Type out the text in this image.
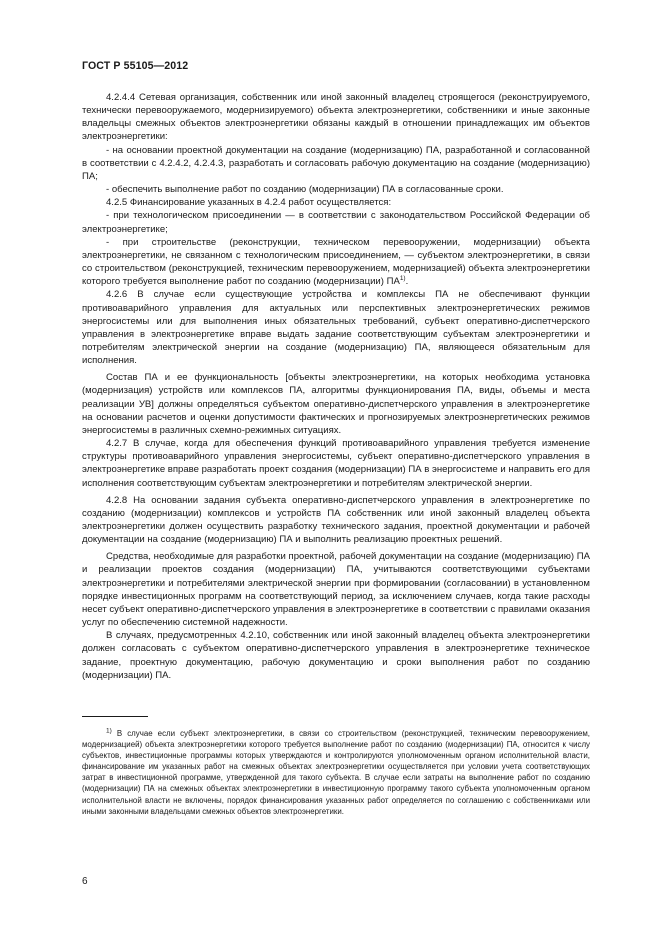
ГОСТ Р 55105—2012

4.2.4.4 Сетевая организация, собственник или иной законный владелец строящегося (реконструируемого, технически перевооружаемого, модернизируемого) объекта электроэнергетики, собственники и иные законные владельцы смежных объектов электроэнергетики обязаны каждый в отношении принадлежащих им объектов электроэнергетики:

- на основании проектной документации на создание (модернизацию) ПА, разработанной и согласованной в соответствии с 4.2.4.2, 4.2.4.3, разработать и согласовать рабочую документацию на создание (модернизацию) ПА;

- обеспечить выполнение работ по созданию (модернизации) ПА в согласованные сроки.

4.2.5 Финансирование указанных в 4.2.4 работ осуществляется:

- при технологическом присоединении — в соответствии с законодательством Российской Федерации об электроэнергетике;

- при строительстве (реконструкции, техническом перевооружении, модернизации) объекта электроэнергетики, не связанном с технологическим присоединением, — субъектом электроэнергетики, в связи со строительством (реконструкцией, техническим перевооружением, модернизацией) объекта электроэнергетики которого требуется выполнение работ по созданию (модернизации) ПА$^{1)}$.

4.2.6 В случае если существующие устройства и комплексы ПА не обеспечивают функции противоаварийного управления для актуальных или перспективных электроэнергетических режимов энергосистемы или для выполнения иных обязательных требований, субъект оперативно-диспетчерского управления в электроэнергетике вправе выдать задание соответствующим субъектам электроэнергетики и потребителям электрической энергии на создание (модернизацию) ПА, являющееся обязательным для исполнения.

Состав ПА и ее функциональность [объекты электроэнергетики, на которых необходима установка (модернизация) устройств или комплексов ПА, алгоритмы функционирования ПА, виды, объемы и места реализации УВ] должны определяться субъектом оперативно-диспетчерского управления в электроэнергетике на основании расчетов и оценки допустимости фактических и прогнозируемых электроэнергетических режимов энергосистемы в различных схемно-режимных ситуациях.

4.2.7 В случае, когда для обеспечения функций противоаварийного управления требуется изменение структуры противоаварийного управления энергосистемы, субъект оперативно-диспетчерского управления в электроэнергетике вправе разработать проект создания (модернизации) ПА в энергосистеме и направить его для исполнения соответствующим субъектам электроэнергетики и потребителям электрической энергии.

4.2.8 На основании задания субъекта оперативно-диспетчерского управления в электроэнергетике по созданию (модернизации) комплексов и устройств ПА собственник или иной законный владелец объекта электроэнергетики должен осуществить разработку технического задания, проектной документации и рабочей документации на создание (модернизацию) ПА и выполнить реализацию проектных решений.

Средства, необходимые для разработки проектной, рабочей документации на создание (модернизацию) ПА и реализации проектов создания (модернизации) ПА, учитываются соответствующими субъектами электроэнергетики и потребителями электрической энергии при формировании (согласовании) в установленном порядке инвестиционных программ на соответствующий период, за исключением случаев, когда такие расходы несет субъект оперативно-диспетчерского управления в электроэнергетике в соответствии с правилами оказания услуг по обеспечению системной надежности.

В случаях, предусмотренных 4.2.10, собственник или иной законный владелец объекта электроэнергетики должен согласовать с субъектом оперативно-диспетчерского управления в электроэнергетике техническое задание, проектную документацию, рабочую документацию и сроки выполнения работ по созданию (модернизации) ПА.

$^{1)}$ В случае если субъект электроэнергетики, в связи со строительством (реконструкцией, техническим перевооружением, модернизацией) объекта электроэнергетики которого требуется выполнение работ по созданию (модернизации) ПА, относится к числу субъектов, инвестиционные программы которых утверждаются и контролируются уполномоченным органом исполнительной власти, финансирование им указанных работ на смежных объектах электроэнергетики осуществляется при условии учета соответствующих затрат в инвестиционной программе, утвержденной для такого субъекта. В случае если затраты на выполнение работ по созданию (модернизации) ПА на смежных объектах электроэнергетики в инвестиционную программу такого субъекта уполномоченным органом исполнительной власти не включены, порядок финансирования указанных работ определяется по соглашению с собственниками или иными законными владельцами смежных объектов электроэнергетики.

6
